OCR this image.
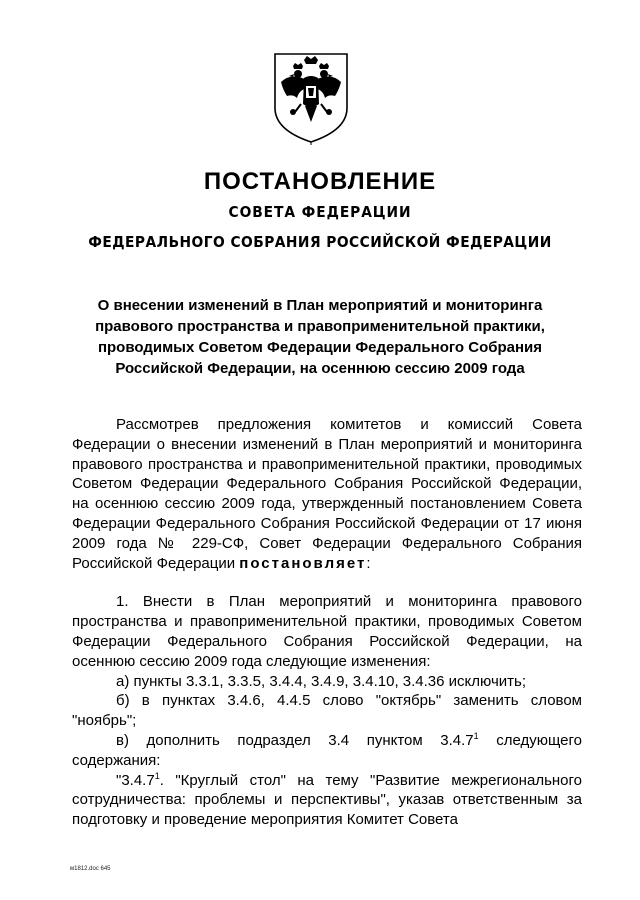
ПОСТАНОВЛЕНИЕ
СОВЕТА ФЕДЕРАЦИИ
ФЕДЕРАЛЬНОГО СОБРАНИЯ РОССИЙСКОЙ ФЕДЕРАЦИИ
О внесении изменений в План мероприятий и мониторинга правового пространства и правоприменительной практики, проводимых Советом Федерации Федерального Собрания Российской Федерации, на осеннюю сессию 2009 года

Рассмотрев предложения комитетов и комиссий Совета Федерации о внесении изменений в План мероприятий и мониторинга правового пространства и правоприменительной практики, проводимых Советом Федерации Федерального Собрания Российской Федерации, на осеннюю сессию 2009 года, утвержденный постановлением Совета Федерации Федерального Собрания Российской Федерации от 17 июня 2009 года № 229-СФ, Совет Федерации Федерального Собрания Российской Федерации постановляет:

1. Внести в План мероприятий и мониторинга правового пространства и правоприменительной практики, проводимых Советом Федерации Федерального Собрания Российской Федерации, на осеннюю сессию 2009 года следующие изменения:

а) пункты 3.3.1, 3.3.5, 3.4.4, 3.4.9, 3.4.10, 3.4.36 исключить;

б) в пунктах 3.4.6, 4.4.5 слово "октябрь" заменить словом "ноябрь";

в) дополнить подраздел 3.4 пунктом 3.4.7$^1$ следующего содержания:

"3.4.7$^1$. "Круглый стол" на тему "Развитие межрегионального сотрудничества: проблемы и перспективы", указав ответственным за подготовку и проведение мероприятия Комитет Совета

м1812.doc 645
